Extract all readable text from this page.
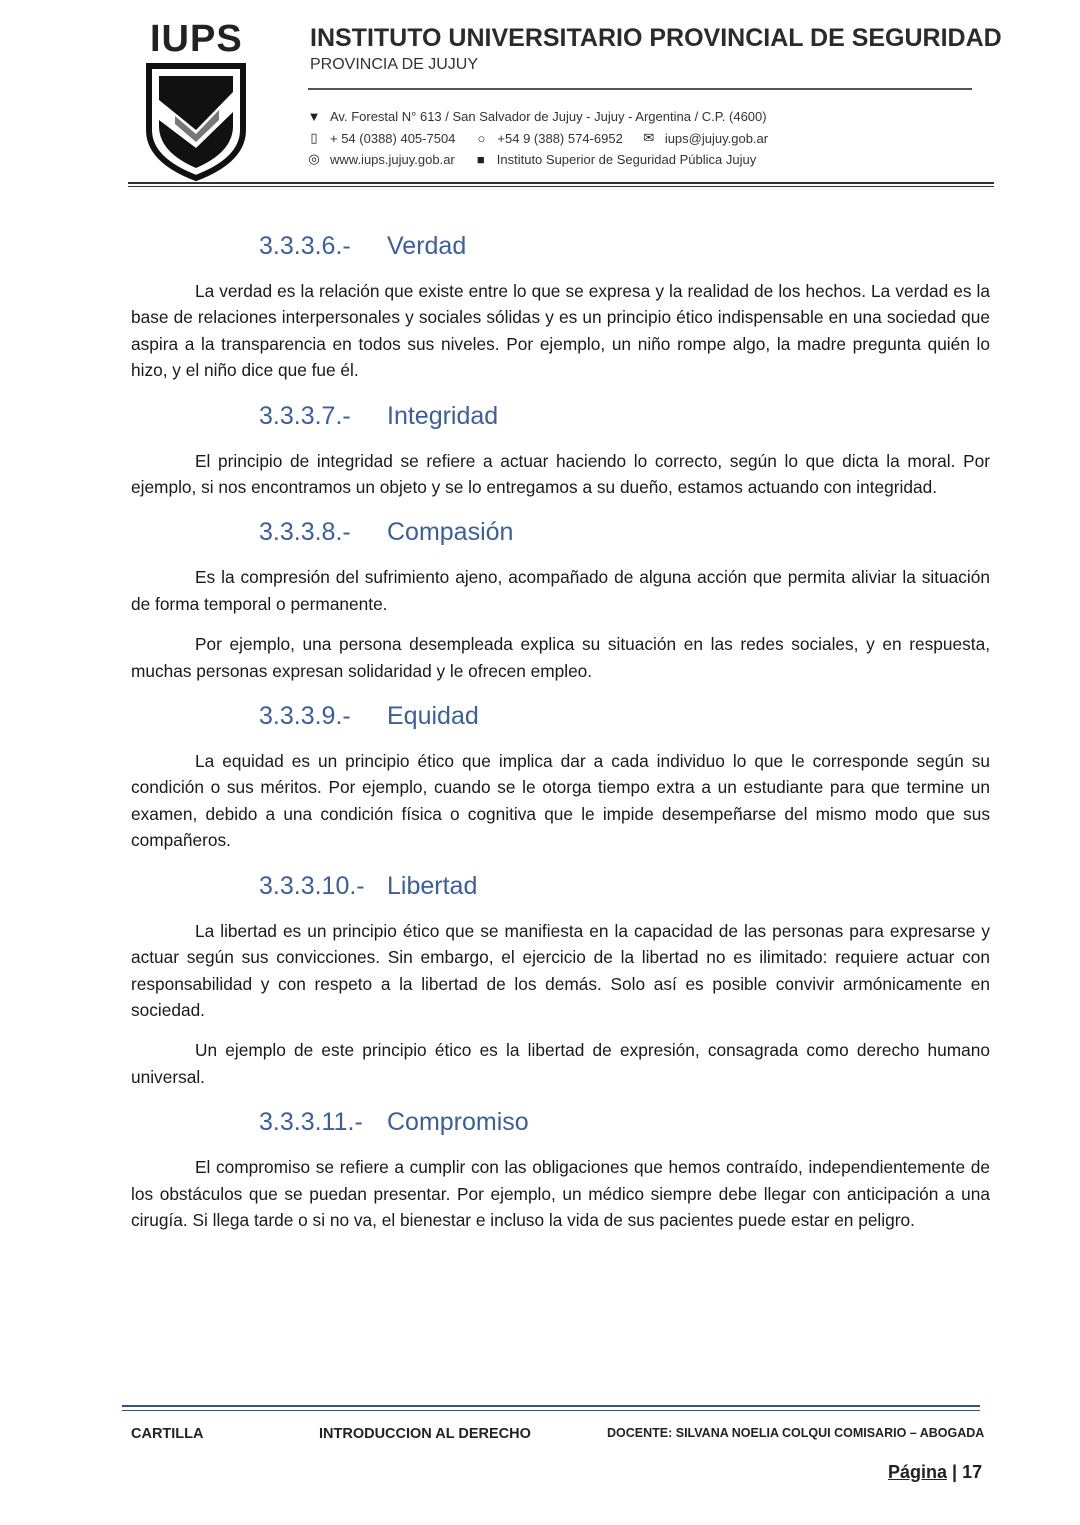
IUPS	INSTITUTO UNIVERSITARIO PROVINCIAL DE SEGURIDAD
PROVINCIA DE JUJUY
▼ Av. Forestal N° 613 / San Salvador de Jujuy - Jujuy - Argentina / C.P. (4600)
▯ + 54 (0388) 405-7504	○ +54 9 (388) 574-6952 ✉ iups@jujuy.gob.ar
◎ www.iups.jujuy.gob.ar	■ Instituto Superior de Seguridad Pública Jujuy
3.3.3.6.- Verdad

La verdad es la relación que existe entre lo que se expresa y la realidad de los hechos. La verdad es la base de relaciones interpersonales y sociales sólidas y es un principio ético indispensable en una sociedad que aspira a la transparencia en todos sus niveles. Por ejemplo, un niño rompe algo, la madre pregunta quién lo hizo, y el niño dice que fue él.

3.3.3.7.- Integridad

El principio de integridad se refiere a actuar haciendo lo correcto, según lo que dicta la moral. Por ejemplo, si nos encontramos un objeto y se lo entregamos a su dueño, estamos actuando con integridad.

3.3.3.8.- Compasión

Es la compresión del sufrimiento ajeno, acompañado de alguna acción que permita aliviar la situación de forma temporal o permanente.

Por ejemplo, una persona desempleada explica su situación en las redes sociales, y en respuesta, muchas personas expresan solidaridad y le ofrecen empleo.

3.3.3.9.- Equidad

La equidad es un principio ético que implica dar a cada individuo lo que le corresponde según su condición o sus méritos. Por ejemplo, cuando se le otorga tiempo extra a un estudiante para que termine un examen, debido a una condición física o cognitiva que le impide desempeñarse del mismo modo que sus compañeros.

3.3.3.10.- Libertad

La libertad es un principio ético que se manifiesta en la capacidad de las personas para expresarse y actuar según sus convicciones. Sin embargo, el ejercicio de la libertad no es ilimitado: requiere actuar con responsabilidad y con respeto a la libertad de los demás. Solo así es posible convivir armónicamente en sociedad.

Un ejemplo de este principio ético es la libertad de expresión, consagrada como derecho humano universal.

3.3.3.11.- Compromiso

El compromiso se refiere a cumplir con las obligaciones que hemos contraído, independientemente de los obstáculos que se puedan presentar. Por ejemplo, un médico siempre debe llegar con anticipación a una cirugía. Si llega tarde o si no va, el bienestar e incluso la vida de sus pacientes puede estar en peligro.

CARTILLA	INTRODUCCION AL DERECHO	DOCENTE: SILVANA NOELIA COLQUI COMISARIO – ABOGADA
Página | 17
